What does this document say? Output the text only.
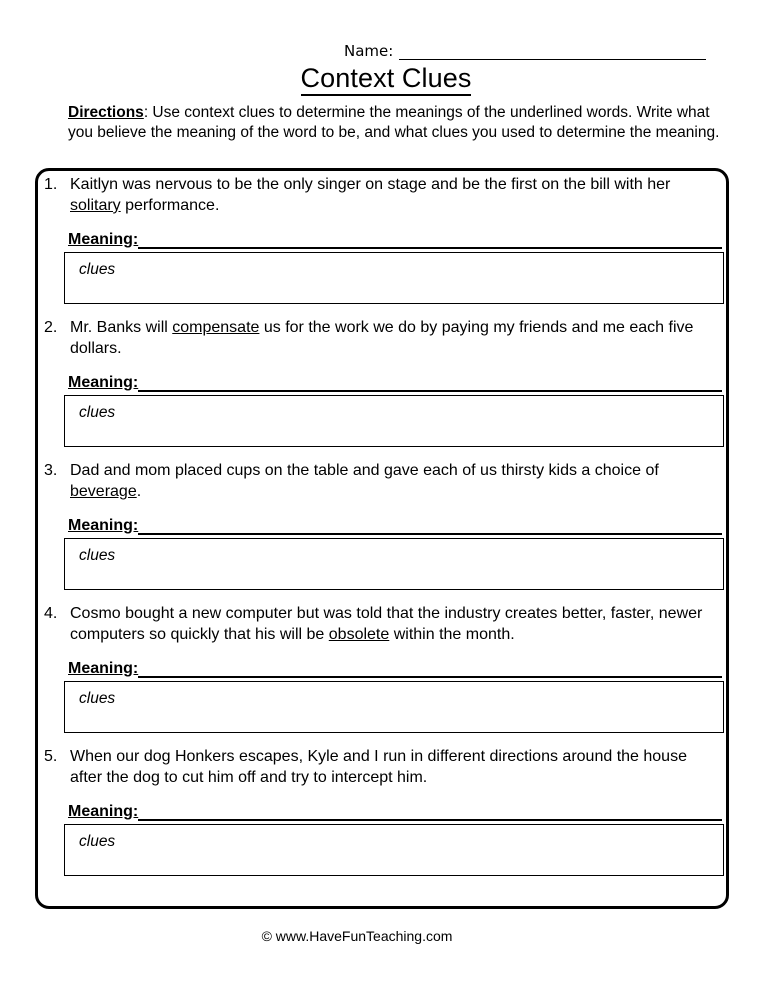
Name:
Context Clues
Directions: Use context clues to determine the meanings of the underlined words. Write what you believe the meaning of the word to be, and what clues you used to determine the meaning.
1. Kaitlyn was nervous to be the only singer on stage and be the first on the bill with her solitary performance.
Meaning:
clues
2. Mr. Banks will compensate us for the work we do by paying my friends and me each five dollars.
Meaning:
clues
3. Dad and mom placed cups on the table and gave each of us thirsty kids a choice of beverage.
Meaning:
clues
4. Cosmo bought a new computer but was told that the industry creates better, faster, newer computers so quickly that his will be obsolete within the month.
Meaning:
clues
5. When our dog Honkers escapes, Kyle and I run in different directions around the house after the dog to cut him off and try to intercept him.
Meaning:
clues
© www.HaveFunTeaching.com
